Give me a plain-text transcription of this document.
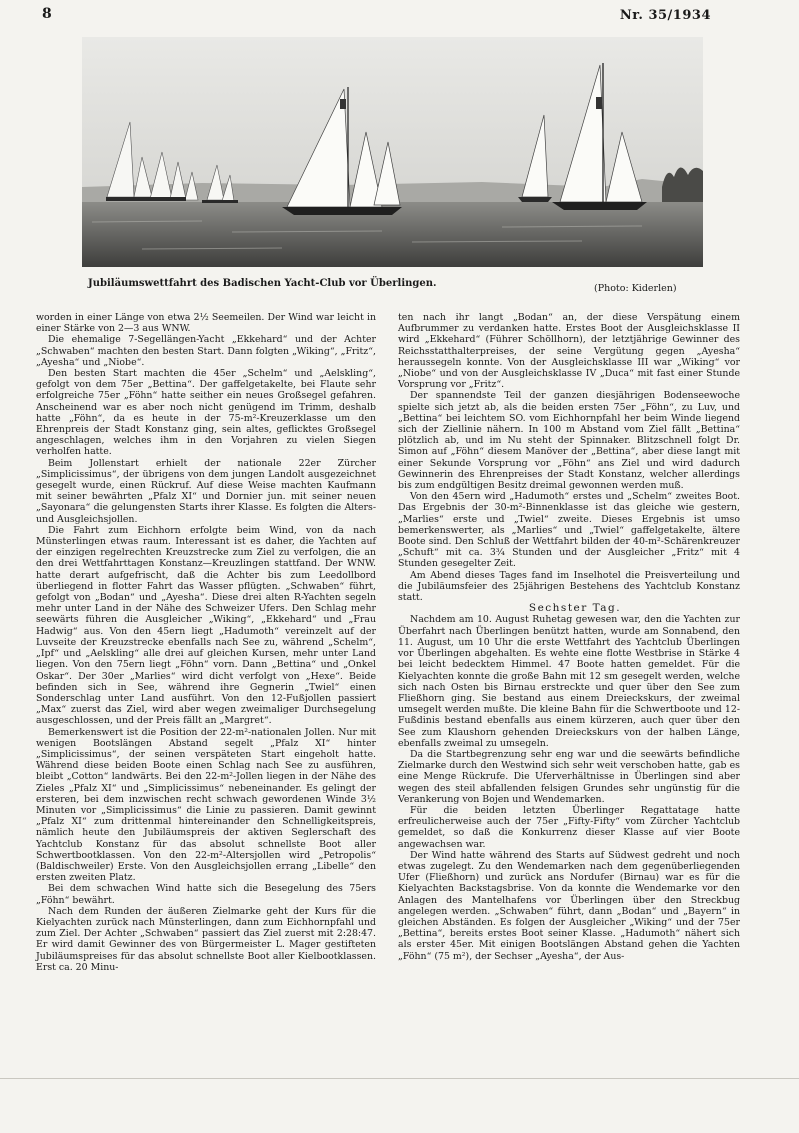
8	Nr. 35/1934
Jubiläumswettfahrt des Badischen Yacht-Club vor Überlingen.	(Photo: Kiderlen)

worden in einer Länge von etwa 2½ Seemeilen. Der Wind war leicht in einer Stärke von 2—3 aus WNW.

Die ehemalige 7-Segellängen-Yacht „Ekkehard“ und der Achter „Schwaben“ machten den besten Start. Dann folgten „Wiking“, „Fritz“, „Ayesha“ und „Niobe“.

Den besten Start machten die 45er „Schelm“ und „Aelskling“, gefolgt von dem 75er „Bettina“. Der gaffelgetakelte, bei Flaute sehr erfolgreiche 75er „Föhn“ hatte seither ein neues Großsegel gefahren. Anscheinend war es aber noch nicht genügend im Trimm, deshalb hatte „Föhn“, da es heute in der 75-m²-Kreuzerklasse um den Ehrenpreis der Stadt Konstanz ging, sein altes, geflicktes Großsegel angeschlagen, welches ihm in den Vorjahren zu vielen Siegen verholfen hatte.

Beim Jollenstart erhielt der nationale 22er Zürcher „Simplicissimus“, der übrigens von dem jungen Landolt ausgezeichnet gesegelt wurde, einen Rückruf. Auf diese Weise machten Kaufmann mit seiner bewährten „Pfalz XI“ und Dornier jun. mit seiner neuen „Sayonara“ die gelungensten Starts ihrer Klasse. Es folgten die Alters- und Ausgleichsjollen.

Die Fahrt zum Eichhorn erfolgte beim Wind, von da nach Münsterlingen etwas raum. Interessant ist es daher, die Yachten auf der einzigen regelrechten Kreuzstrecke zum Ziel zu verfolgen, die an den drei Wettfahrttagen Konstanz—Kreuzlingen stattfand. Der WNW. hatte derart aufgefrischt, daß die Achter bis zum Leedollbord überliegend in flotter Fahrt das Wasser pflügten. „Schwaben“ führt, gefolgt von „Bodan“ und „Ayesha“. Diese drei alten R-Yachten segeln mehr unter Land in der Nähe des Schweizer Ufers. Den Schlag mehr seewärts führen die Ausgleicher „Wiking“, „Ekkehard“ und „Frau Hadwig“ aus. Von den 45ern liegt „Hadumoth“ vereinzelt auf der Luvseite der Kreuzstrecke ebenfalls nach See zu, während „Schelm“, „Ipf“ und „Aelskling“ alle drei auf gleichen Kursen, mehr unter Land liegen. Von den 75ern liegt „Föhn“ vorn. Dann „Bettina“ und „Onkel Oskar“. Der 30er „Marlies“ wird dicht verfolgt von „Hexe“. Beide befinden sich in See, während ihre Gegnerin „Twiel“ einen Sonderschlag unter Land ausführt. Von den 12-Fußjollen passiert „Max“ zuerst das Ziel, wird aber wegen zweimaliger Durchsegelung ausgeschlossen, und der Preis fällt an „Margret“.

Bemerkenswert ist die Position der 22-m²-nationalen Jollen. Nur mit wenigen Bootslängen Abstand segelt „Pfalz XI“ hinter „Simplicissimus“, der seinen verspäteten Start eingeholt hatte. Während diese beiden Boote einen Schlag nach See zu ausführen, bleibt „Cotton“ landwärts. Bei den 22-m²-Jollen liegen in der Nähe des Zieles „Pfalz XI“ und „Simplicissimus“ nebeneinander. Es gelingt der ersteren, bei dem inzwischen recht schwach gewordenen Winde 3½ Minuten vor „Simplicissimus“ die Linie zu passieren. Damit gewinnt „Pfalz XI“ zum drittenmal hintereinander den Schnelligkeitspreis, nämlich heute den Jubiläumspreis der aktiven Seglerschaft des Yachtclub Konstanz für das absolut schnellste Boot aller Schwertbootklassen. Von den 22-m²-Altersjollen wird „Petropolis“ (Baldischweiler) Erste. Von den Ausgleichsjollen errang „Libelle“ den ersten zweiten Platz.

Bei dem schwachen Wind hatte sich die Besegelung des 75ers „Föhn“ bewährt.

Nach dem Runden der äußeren Zielmarke geht der Kurs für die Kielyachten zurück nach Münsterlingen, dann zum Eichhornpfahl und zum Ziel. Der Achter „Schwaben“ passiert das Ziel zuerst mit 2:28:47. Er wird damit Gewinner des von Bürgermeister L. Mager gestifteten Jubiläumspreises für das absolut schnellste Boot aller Kielbootklassen. Erst ca. 20 Minu-

ten nach ihr langt „Bodan“ an, der diese Verspätung einem Aufbrummer zu verdanken hatte. Erstes Boot der Ausgleichsklasse II wird „Ekkehard“ (Führer Schöllhorn), der letztjährige Gewinner des Reichsstatthalterpreises, der seine Vergütung gegen „Ayesha“ heraussegeln konnte. Von der Ausgleichsklasse III war „Wiking“ vor „Niobe“ und von der Ausgleichsklasse IV „Duca“ mit fast einer Stunde Vorsprung vor „Fritz“.

Der spannendste Teil der ganzen diesjährigen Bodenseewoche spielte sich jetzt ab, als die beiden ersten 75er „Föhn“, zu Luv, und „Bettina“ bei leichtem SO. vom Eichhornpfahl her beim Winde liegend sich der Ziellinie nähern. In 100 m Abstand vom Ziel fällt „Bettina“ plötzlich ab, und im Nu steht der Spinnaker. Blitzschnell folgt Dr. Simon auf „Föhn“ diesem Manöver der „Bettina“, aber diese langt mit einer Sekunde Vorsprung vor „Föhn“ ans Ziel und wird dadurch Gewinnerin des Ehrenpreises der Stadt Konstanz, welcher allerdings bis zum endgültigen Besitz dreimal gewonnen werden muß.

Von den 45ern wird „Hadumoth“ erstes und „Schelm“ zweites Boot. Das Ergebnis der 30-m²-Binnenklasse ist das gleiche wie gestern, „Marlies“ erste und „Twiel“ zweite. Dieses Ergebnis ist umso bemerkenswerter, als „Marlies“ und „Twiel“ gaffelgetakelte, ältere Boote sind. Den Schluß der Wettfahrt bilden der 40-m²-Schärenkreuzer „Schuft“ mit ca. 3¾ Stunden und der Ausgleicher „Fritz“ mit 4 Stunden gesegelter Zeit.

Am Abend dieses Tages fand im Inselhotel die Preisverteilung und die Jubiläumsfeier des 25jährigen Bestehens des Yachtclub Konstanz statt.

Sechster Tag.

Nachdem am 10. August Ruhetag gewesen war, den die Yachten zur Überfahrt nach Überlingen benützt hatten, wurde am Sonnabend, den 11. August, um 10 Uhr die erste Wettfahrt des Yachtclub Überlingen vor Überlingen abgehalten. Es wehte eine flotte Westbrise in Stärke 4 bei leicht bedecktem Himmel. 47 Boote hatten gemeldet. Für die Kielyachten konnte die große Bahn mit 12 sm gesegelt werden, welche sich nach Osten bis Birnau erstreckte und quer über den See zum Fließhorn ging. Sie bestand aus einem Dreieckskurs, der zweimal umsegelt werden mußte. Die kleine Bahn für die Schwertboote und 12-Fußdinis bestand ebenfalls aus einem kürzeren, auch quer über den See zum Klaushorn gehenden Dreieckskurs von der halben Länge, ebenfalls zweimal zu umsegeln.

Da die Startbegrenzung sehr eng war und die seewärts befindliche Zielmarke durch den Westwind sich sehr weit verschoben hatte, gab es eine Menge Rückrufe. Die Uferverhältnisse in Überlingen sind aber wegen des steil abfallenden felsigen Grundes sehr ungünstig für die Verankerung von Bojen und Wendemarken.

Für die beiden letzten Überlinger Regattatage hatte erfreulicherweise auch der 75er „Fifty-Fifty“ vom Zürcher Yachtclub gemeldet, so daß die Konkurrenz dieser Klasse auf vier Boote angewachsen war.

Der Wind hatte während des Starts auf Südwest gedreht und noch etwas zugelegt. Zu den Wendemarken nach dem gegenüberliegenden Ufer (Fließhorn) und zurück ans Nordufer (Birnau) war es für die Kielyachten Backstagsbrise. Von da konnte die Wendemarke vor den Anlagen des Mantelhafens vor Überlingen über den Streckbug angelegen werden. „Schwaben“ führt, dann „Bodan“ und „Bayern“ in gleichen Abständen. Es folgen der Ausgleicher „Wiking“ und der 75er „Bettina“, bereits erstes Boot seiner Klasse. „Hadumoth“ nähert sich als erster 45er. Mit einigen Bootslängen Abstand gehen die Yachten „Föhn“ (75 m²), der Sechser „Ayesha“, der Aus-
